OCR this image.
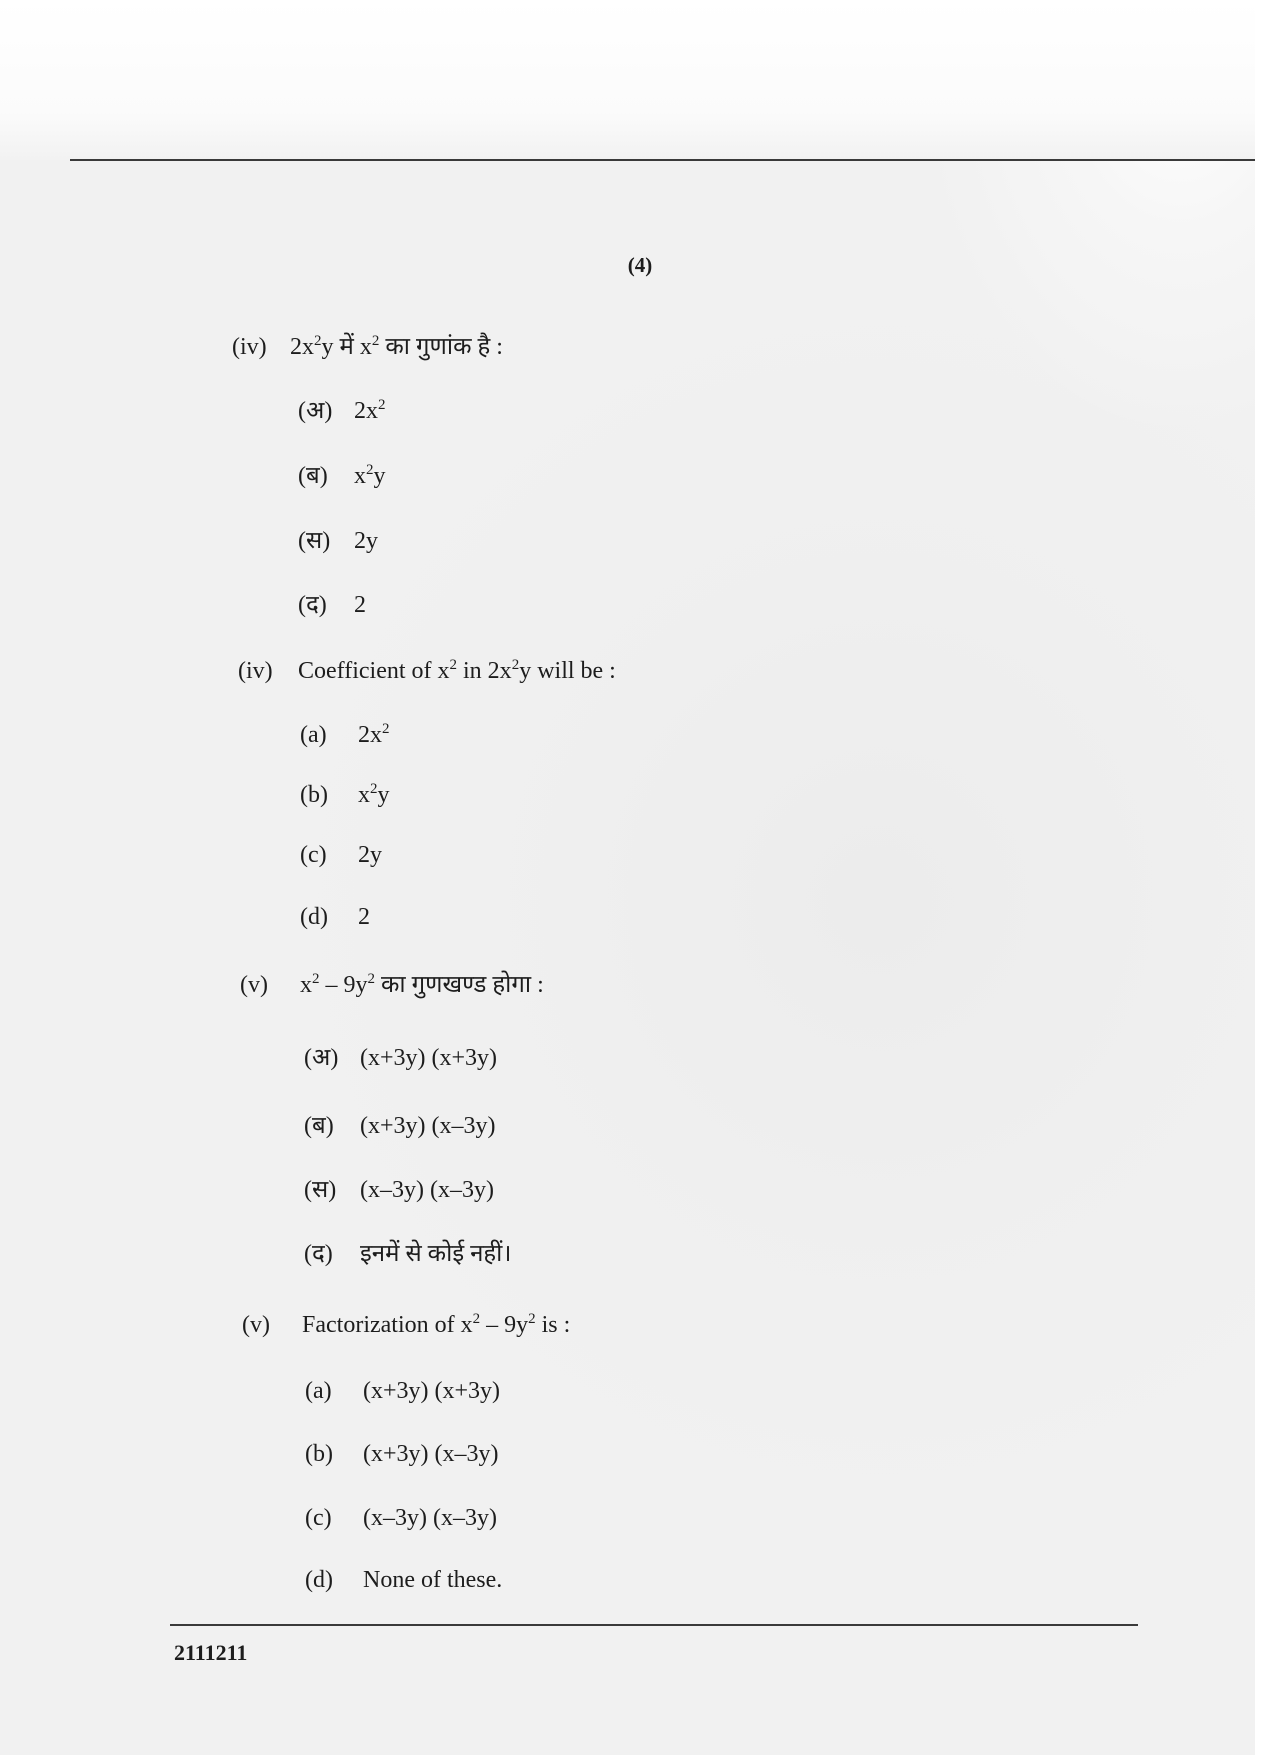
(4)
(iv) $2x^2y$ में $x^2$ का गुणांक है :
(अ) $2x^2$
(ब) $x^2y$
(स) 2y
(द) 2
(iv) Coefficient of $x^2$ in $2x^2y$ will be :
(a) $2x^2$
(b) $x^2y$
(c) 2y
(d) 2
(v) $x^2 - 9y^2$ का गुणखण्ड होगा :
(अ) (x+3y) (x+3y)
(ब) (x+3y) (x–3y)
(स) (x–3y) (x–3y)
(द) इनमें से कोई नहीं।
(v) Factorization of $x^2 - 9y^2$ is :
(a) (x+3y) (x+3y)
(b) (x+3y) (x–3y)
(c) (x–3y) (x–3y)
(d) None of these.
2111211
